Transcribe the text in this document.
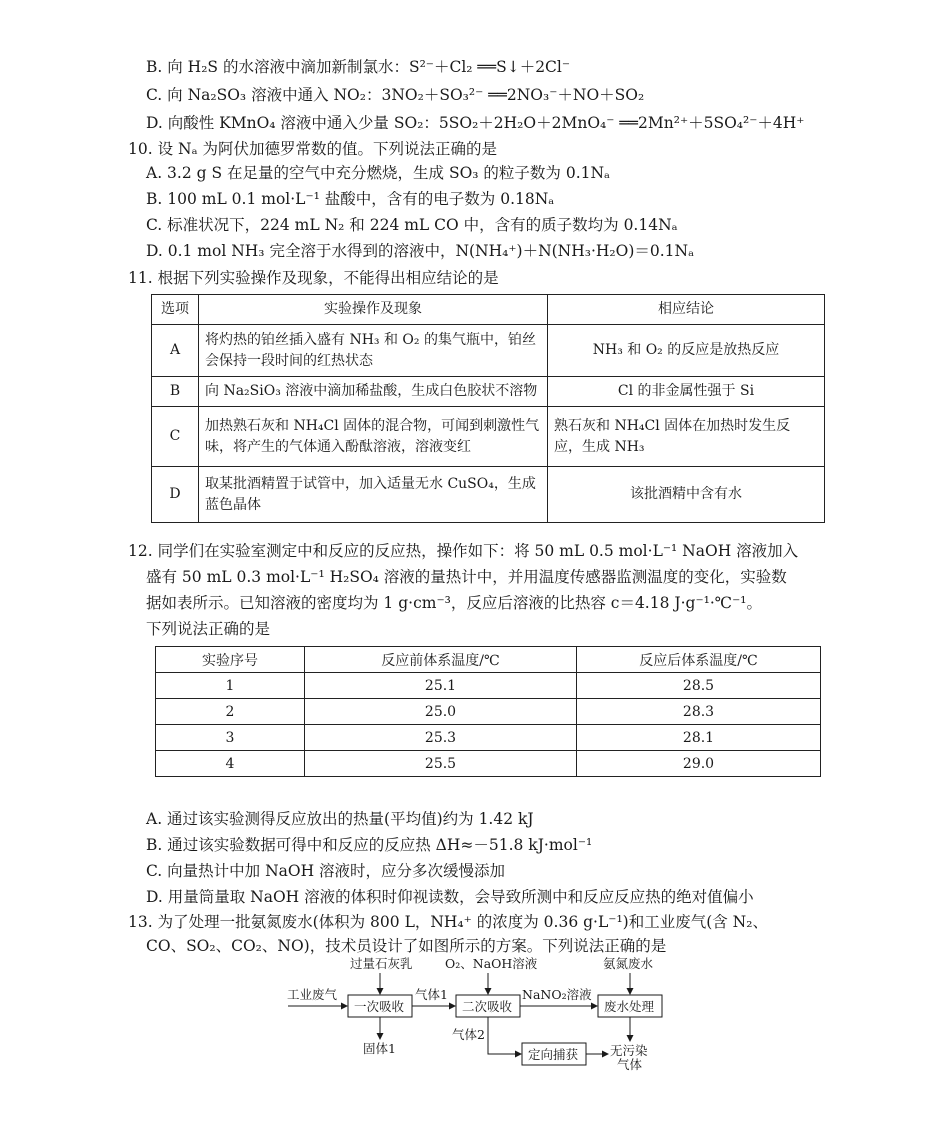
B. 向 H₂S 的水溶液中滴加新制氯水：S²⁻＋Cl₂ ══S↓＋2Cl⁻
C. 向 Na₂SO₃ 溶液中通入 NO₂：3NO₂＋SO₃²⁻ ══2NO₃⁻＋NO＋SO₂
D. 向酸性 KMnO₄ 溶液中通入少量 SO₂：5SO₂＋2H₂O＋2MnO₄⁻ ══2Mn²⁺＋5SO₄²⁻＋4H⁺
10. 设 Nₐ 为阿伏加德罗常数的值。下列说法正确的是
A. 3.2 g S 在足量的空气中充分燃烧，生成 SO₃ 的粒子数为 0.1Nₐ
B. 100 mL 0.1 mol·L⁻¹ 盐酸中，含有的电子数为 0.18Nₐ
C. 标准状况下，224 mL N₂ 和 224 mL CO 中，含有的质子数均为 0.14Nₐ
D. 0.1 mol NH₃ 完全溶于水得到的溶液中，N(NH₄⁺)＋N(NH₃·H₂O)＝0.1Nₐ
11. 根据下列实验操作及现象，不能得出相应结论的是
选项	实验操作及现象	相应结论
A	将灼热的铂丝插入盛有 NH₃ 和 O₂ 的集气瓶中，铂丝会保持一段时间的红热状态	NH₃ 和 O₂ 的反应是放热反应
B	向 Na₂SiO₃ 溶液中滴加稀盐酸，生成白色胶状不溶物	Cl 的非金属性强于 Si
C	加热熟石灰和 NH₄Cl 固体的混合物，可闻到刺激性气味，将产生的气体通入酚酞溶液，溶液变红	熟石灰和 NH₄Cl 固体在加热时发生反应，生成 NH₃
D	取某批酒精置于试管中，加入适量无水 CuSO₄，生成蓝色晶体	该批酒精中含有水
12. 同学们在实验室测定中和反应的反应热，操作如下：将 50 mL 0.5 mol·L⁻¹ NaOH 溶液加入
盛有 50 mL 0.3 mol·L⁻¹ H₂SO₄ 溶液的量热计中，并用温度传感器监测温度的变化，实验数
据如表所示。已知溶液的密度均为 1 g·cm⁻³，反应后溶液的比热容 c＝4.18 J·g⁻¹·℃⁻¹。
下列说法正确的是
实验序号	反应前体系温度/℃	反应后体系温度/℃
1	25.1	28.5
2	25.0	28.3
3	25.3	28.1
4	25.5	29.0
A. 通过该实验测得反应放出的热量(平均值)约为 1.42 kJ
B. 通过该实验数据可得中和反应的反应热 ΔH≈－51.8 kJ·mol⁻¹
C. 向量热计中加 NaOH 溶液时，应分多次缓慢添加
D. 用量筒量取 NaOH 溶液的体积时仰视读数，会导致所测中和反应反应热的绝对值偏小
13. 为了处理一批氨氮废水(体积为 800 L，NH₄⁺ 的浓度为 0.36 g·L⁻¹)和工业废气(含 N₂、
CO、SO₂、CO₂、NO)，技术员设计了如图所示的方案。下列说法正确的是
过量石灰乳	O₂、NaOH溶液	氨氮废水
工业废气	气体1	NaNO₂溶液
气体2
固体1	无污染
气体
一次吸收	二次吸收	废水处理
定向捕获
